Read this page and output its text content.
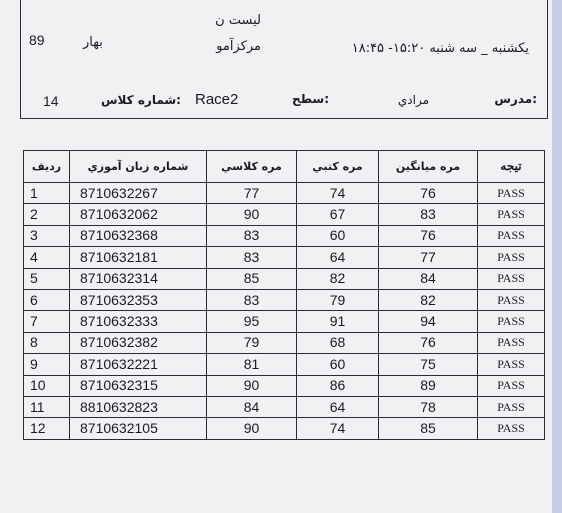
لیست ن
مرکزآمو
بهار
89
یکشنبه _ سه شنبه ۱۵:۲۰- ۱۸:۴۵
مدرس:
مرادي
سطح:
Race2
شماره کلاس:
14
ردیف	شماره زبان آموزي	مره کلاسي	مره کتبي	مره میانگین	تیجه
1	8710632267	77	74	76	PASS
2	8710632062	90	67	83	PASS
3	8710632368	83	60	76	PASS
4	8710632181	83	64	77	PASS
5	8710632314	85	82	84	PASS
6	8710632353	83	79	82	PASS
7	8710632333	95	91	94	PASS
8	8710632382	79	68	76	PASS
9	8710632221	81	60	75	PASS
10	8710632315	90	86	89	PASS
11	8810632823	84	64	78	PASS
12	8710632105	90	74	85	PASS
